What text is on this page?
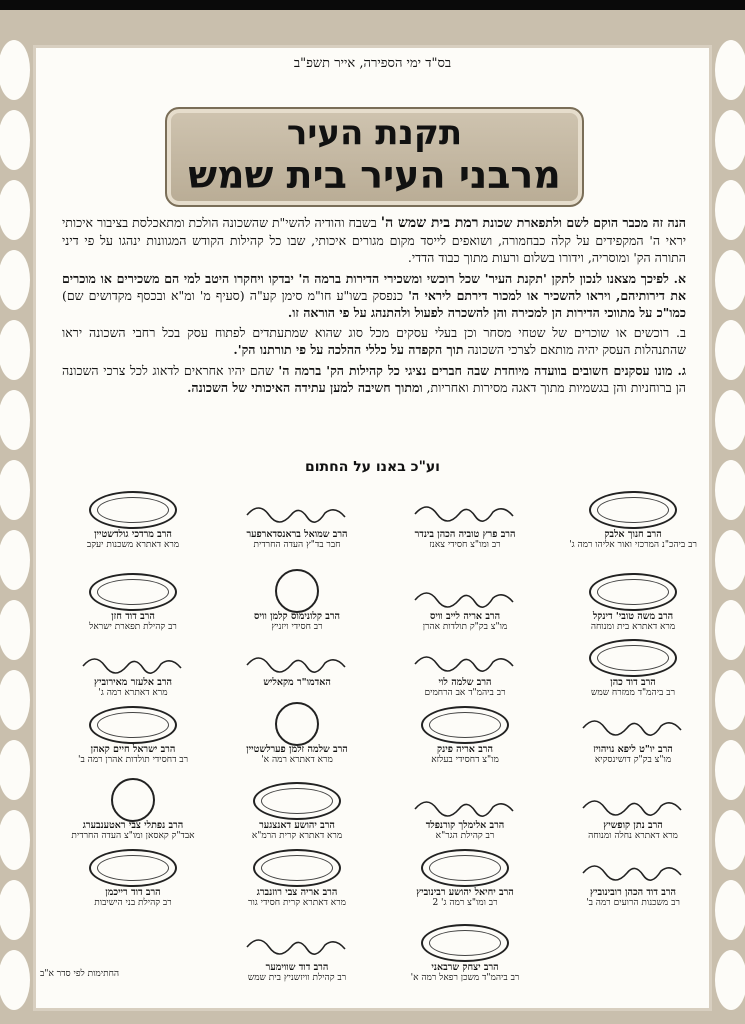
בס"ד ימי הספירה, אייר תשפ"ב
תקנת העיר
מרבני העיר בית שמש

הנה זה מכבר הוקם לשם ולתפארת שכונת רמת בית שמש ה' בשבח והודיה להשי"ת שהשכונה הולכת ומתאכלסת בציבור איכותי יראי ה' המקפידים על קלה כבחמורה, ושואפים לייסד מקום מגורים איכותי, שבו כל קהילות הקודש המגוונות ינהגו על פי דיני התורה הק' ומוסריה, וידורו בשלום ורעות מתוך כבוד הדדי.

א. לפיכך מצאנו לנכון לתקן 'תקנת העיר' שכל רוכשי ומשכירי הדירות ברמה ה' יבדקו ויחקרו היטב למי הם משכירים או מוכרים את דירותיהם, ויראו להשכיר או למכור דירתם ליראי ה' כנפסק בשו"ע חו"מ סימן קע"ה (סעיף מ' ומ"א ובכסף מקדושים שם) כמו"כ על מתווכי הדירות הן למכירה והן להשכרה לפעול ולהתנהג על פי הוראה זו.

ב. רוכשים או שוכרים של שטחי מסחר וכן בעלי עסקים מכל סוג שהוא שמתעתדים לפתוח עסק בכל רחבי השכונה יראו שהתנהלות העסק יהיה מותאם לצרכי השכונה תוך הקפדה על כללי ההלכה על פי תורתנו הק'.

ג. מונו עסקנים חשובים בוועדה מיוחדת שבה חברים נציגי כל קהילות הק' ברמה ה' שהם יהיו אחראים לדאוג לכל צרכי השכונה הן ברוחניות והן בגשמיות מתוך דאגה מסירות ואחריות, ומתוך חשיבה למען עתידה האיכותי של השכונה.

וע"כ באנו על החתום
הרב חנוך אלבק
רב ביהכ"נ המרכזי ואור אליהו רמה ג'
הרב פרץ טוביה הכהן בינדר
רב ומו"צ חסידי צאנז
הרב שמואל בראנסדארפער
חבר בד"ץ העדה החרדית
הרב מרדכי גולדשטיין
מרא דאתרא משכנות יעקב
הרב משה טובי' דינקל
מרא דאתרא בית ומנוחה
הרב אריה לייב וויס
מו"צ בק"ק תולדות אהרן
הרב קלונימוס קלמן וויס
רב חסידי ויזניץ
הרב דוד חזן
רב קהילת תפארת ישראל
הרב דוד כהן
רב ביהמ"ד ממזרח שמש
הרב שלמה לוי
רב ביהמ"ד אב הרחמים
האדמו"ר מקאליש
הרב אלעזר מאירוביץ
מרא דאתרא רמה ג'
הרב יו"ט ליפא נויהויז
מו"צ בק"ק דושינסקיא
הרב אריה פינק
מו"צ דחסידי בעלזא
הרב שלמה זלמן פערלשטיין
מרא דאתרא רמה א'
הרב ישראל חיים קאהן
רב דחסידי תולדות אהרן רמה ב'
הרב נתן קופשיץ
מרא דאתרא נחלה ומנוחה
הרב אלימלך קורנפלד
רב קהילת הגר"א
הרב יהושע דאנצגער
מרא דאתרא קרית הרמ"א
הרב נפתלי צבי ראטענבערג
אבד"ק קאסאן ומו"צ העדה החרדית
הרב דוד הכהן רובינוביץ
רב משכנות הרועים רמה ב'
הרב יחיאל יהושע רבינוביץ
רב ומו"צ רמה ג' 2
הרב אריה צבי רוזנברג
מרא דאתרא קרית חסידי גור
הרב דוד רייכמן
רב קהילת בני הישיבות
הרב יצחק שרבאני
רב ביהמ"ד משכן רפאל רמה א'
הרב דוד שווימער
רב קהילת וויזשניץ בית שמש
החתימות לפי סדר א"ב
